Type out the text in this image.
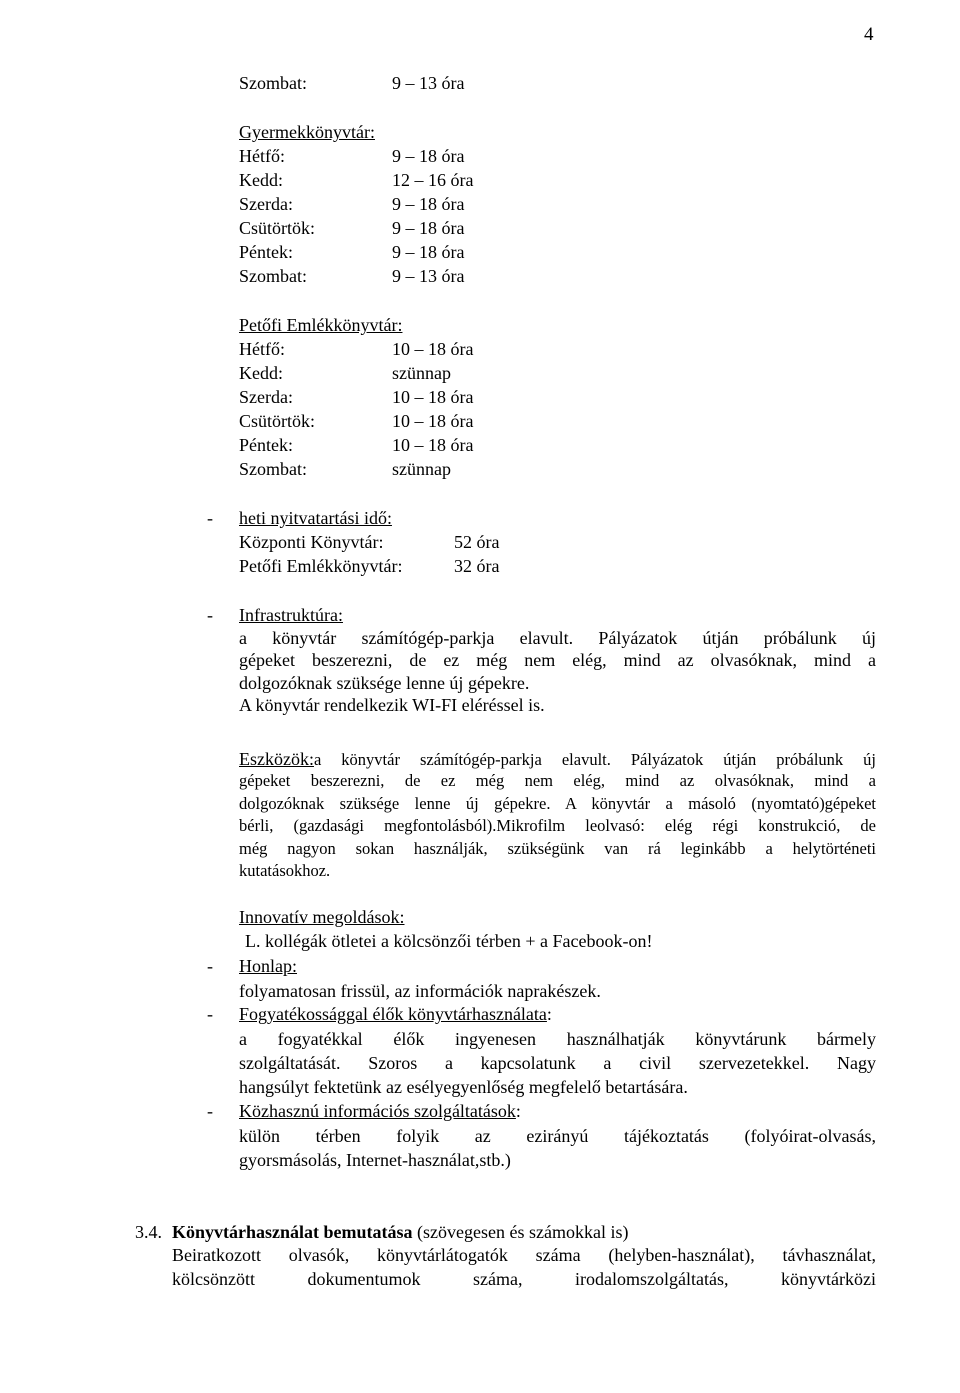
4
Szombat:	9 – 13 óra
Gyermekkönyvtár:
Hétfő:	9 – 18 óra
Kedd:	12 – 16 óra
Szerda:	9 – 18 óra
Csütörtök:	9 – 18 óra
Péntek:	9 – 18 óra
Szombat:	9 – 13 óra
Petőfi Emlékkönyvtár:
Hétfő:	10 – 18 óra
Kedd:	szünnap
Szerda:	10 – 18 óra
Csütörtök:	10 – 18 óra
Péntek:	10 – 18 óra
Szombat:	szünnap
- heti nyitvatartási idő:
Központi Könyvtár:	52 óra
Petőfi Emlékkönyvtár:	32 óra
- Infrastruktúra:
a könyvtár számítógép-parkja elavult. Pályázatok útján próbálunk új
gépeket beszerezni, de ez még nem elég, mind az olvasóknak, mind a
dolgozóknak szüksége lenne új gépekre.
A könyvtár rendelkezik WI-FI eléréssel is.
Eszközök:a könyvtár számítógép-parkja elavult. Pályázatok útján próbálunk új
gépeket beszerezni, de ez még nem elég, mind az olvasóknak, mind a
dolgozóknak szüksége lenne új gépekre. A könyvtár a másoló (nyomtató)gépeket
bérli, (gazdasági megfontolásból).Mikrofilm leolvasó: elég régi konstrukció, de
még nagyon sokan használják, szükségünk van rá leginkább a helytörténeti
kutatásokhoz.
Innovatív megoldások:
L. kollégák ötletei a kölcsönzői térben + a Facebook-on!
- Honlap:
folyamatosan frissül, az információk naprakészek.
- Fogyatékossággal élők könyvtárhasználata:
a fogyatékkal élők ingyenesen használhatják könyvtárunk bármely
szolgáltatását. Szoros a kapcsolatunk a civil szervezetekkel. Nagy
hangsúlyt fektetünk az esélyegyenlőség megfelelő betartására.
- Közhasznú információs szolgáltatások:
külön térben folyik az ezirányú tájékoztatás (folyóirat-olvasás,
gyorsmásolás, Internet-használat,stb.)
3.4. Könyvtárhasználat bemutatása (szövegesen és számokkal is)
Beiratkozott olvasók, könyvtárlátogatók száma (helyben-használat), távhasználat,
kölcsönzött dokumentumok száma, irodalomszolgáltatás, könyvtárközi
